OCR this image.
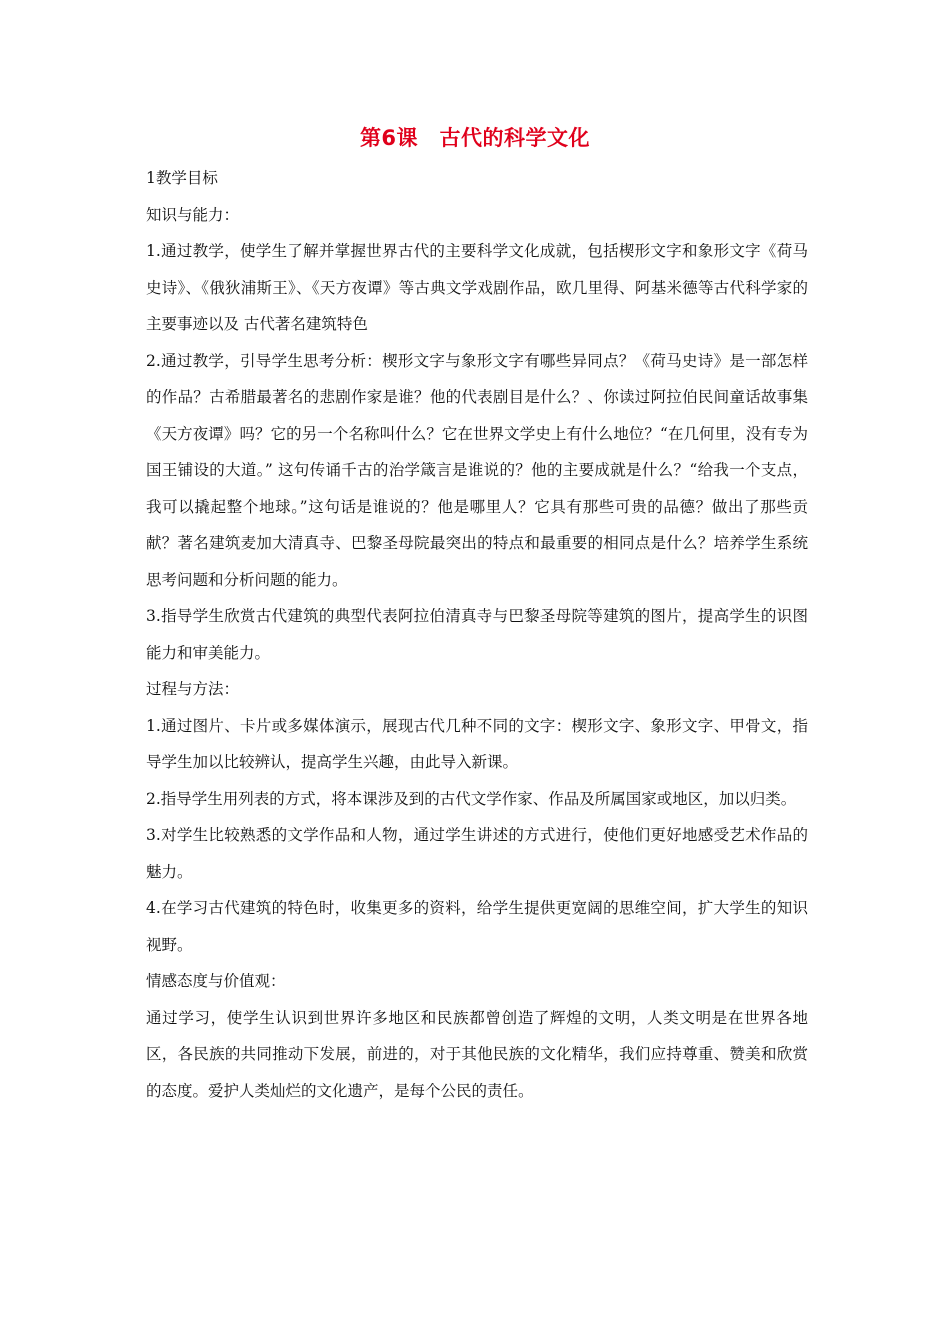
第6课　古代的科学文化

1教学目标

知识与能力：

1.通过教学，使学生了解并掌握世界古代的主要科学文化成就，包括楔形文字和象形文字《荷马史诗》、《俄狄浦斯王》、《天方夜谭》等古典文学戏剧作品，欧几里得、阿基米德等古代科学家的主要事迹以及 古代著名建筑特色

2.通过教学，引导学生思考分析：楔形文字与象形文字有哪些异同点？《荷马史诗》是一部怎样的作品？古希腊最著名的悲剧作家是谁？他的代表剧目是什么？、你读过阿拉伯民间童话故事集《天方夜谭》吗？它的另一个名称叫什么？它在世界文学史上有什么地位？“在几何里，没有专为国王铺设的大道。” 这句传诵千古的治学箴言是谁说的？他的主要成就是什么？“给我一个支点，我可以撬起整个地球。”这句话是谁说的？他是哪里人？它具有那些可贵的品德？做出了那些贡献？著名建筑麦加大清真寺、巴黎圣母院最突出的特点和最重要的相同点是什么？培养学生系统思考问题和分析问题的能力。

3.指导学生欣赏古代建筑的典型代表阿拉伯清真寺与巴黎圣母院等建筑的图片，提高学生的识图能力和审美能力。

过程与方法：

1.通过图片、卡片或多媒体演示，展现古代几种不同的文字：楔形文字、象形文字、甲骨文，指导学生加以比较辨认，提高学生兴趣，由此导入新课。

2.指导学生用列表的方式，将本课涉及到的古代文学作家、作品及所属国家或地区，加以归类。

3.对学生比较熟悉的文学作品和人物，通过学生讲述的方式进行，使他们更好地感受艺术作品的魅力。

4.在学习古代建筑的特色时，收集更多的资料，给学生提供更宽阔的思维空间，扩大学生的知识视野。

情感态度与价值观：

通过学习，使学生认识到世界许多地区和民族都曾创造了辉煌的文明，人类文明是在世界各地区，各民族的共同推动下发展，前进的，对于其他民族的文化精华，我们应持尊重、赞美和欣赏的态度。爱护人类灿烂的文化遗产，是每个公民的责任。
